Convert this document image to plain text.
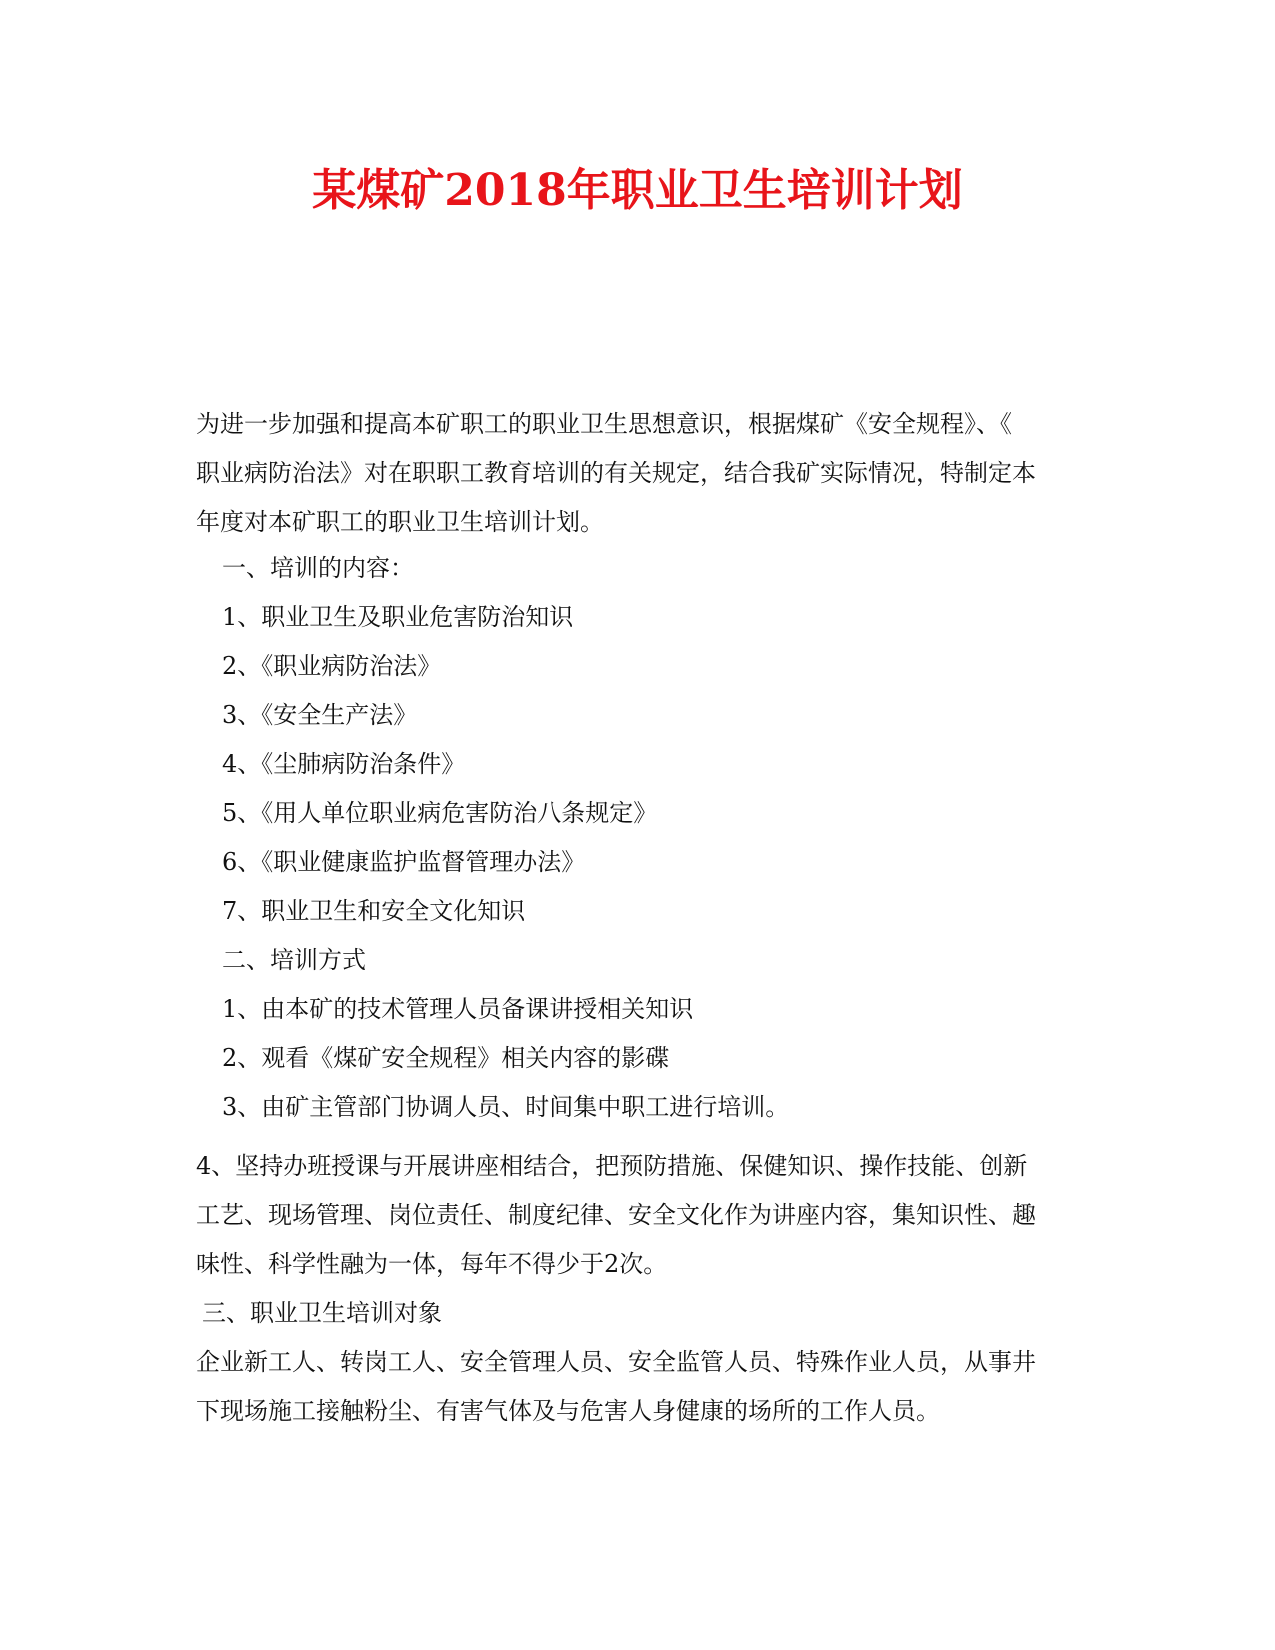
某煤矿2018年职业卫生培训计划
为进一步加强和提高本矿职工的职业卫生思想意识，根据煤矿《安全规程》、《
职业病防治法》对在职职工教育培训的有关规定，结合我矿实际情况，特制定本
年度对本矿职工的职业卫生培训计划。
一、培训的内容：
1、职业卫生及职业危害防治知识
2、《职业病防治法》
3、《安全生产法》
4、《尘肺病防治条件》
5、《用人单位职业病危害防治八条规定》
6、《职业健康监护监督管理办法》
7、职业卫生和安全文化知识
二、培训方式
1、由本矿的技术管理人员备课讲授相关知识
2、观看《煤矿安全规程》相关内容的影碟
3、由矿主管部门协调人员、时间集中职工进行培训。
4、坚持办班授课与开展讲座相结合，把预防措施、保健知识、操作技能、创新
工艺、现场管理、岗位责任、制度纪律、安全文化作为讲座内容，集知识性、趣
味性、科学性融为一体，每年不得少于2次。
三、职业卫生培训对象
企业新工人、转岗工人、安全管理人员、安全监管人员、特殊作业人员，从事井
下现场施工接触粉尘、有害气体及与危害人身健康的场所的工作人员。
